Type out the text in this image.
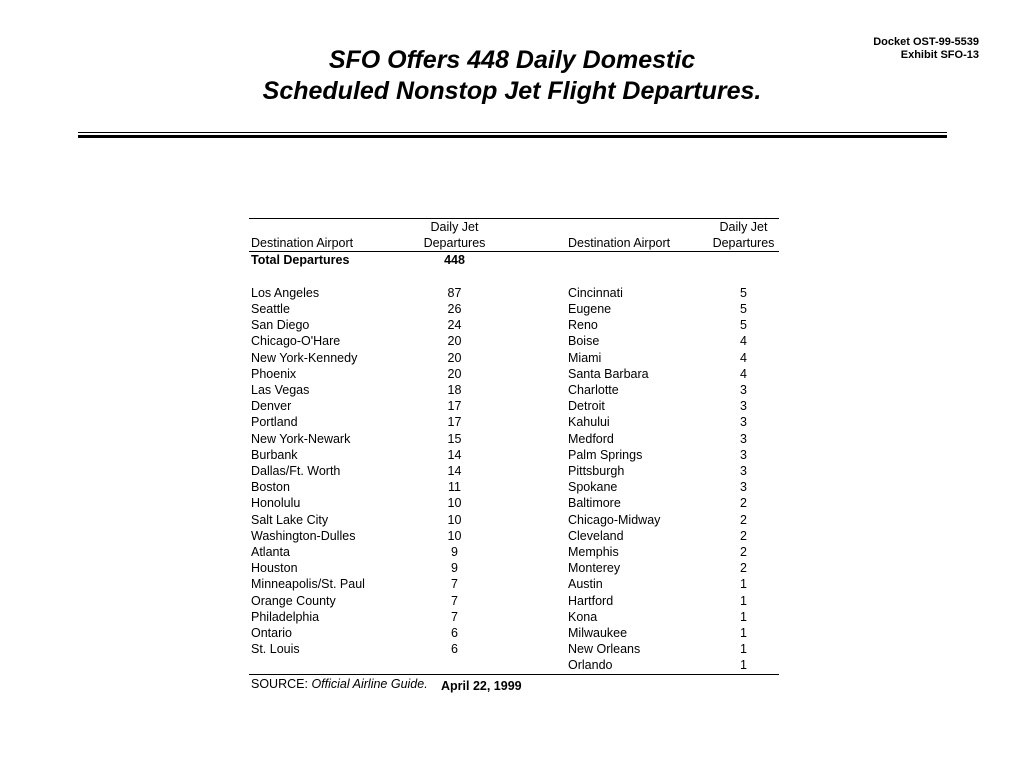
Docket OST-99-5539
Exhibit SFO-13
SFO Offers 448 Daily Domestic
Scheduled Nonstop Jet Flight Departures.
	Daily Jet			Daily Jet
Destination Airport	Departures		Destination Airport	Departures
Total Departures	448			

Los Angeles	87		Cincinnati	5
Seattle	26		Eugene	5
San Diego	24		Reno	5
Chicago-O'Hare	20		Boise	4
New York-Kennedy	20		Miami	4
Phoenix	20		Santa Barbara	4
Las Vegas	18		Charlotte	3
Denver	17		Detroit	3
Portland	17		Kahului	3
New York-Newark	15		Medford	3
Burbank	14		Palm Springs	3
Dallas/Ft. Worth	14		Pittsburgh	3
Boston	11		Spokane	3
Honolulu	10		Baltimore	2
Salt Lake City	10		Chicago-Midway	2
Washington-Dulles	10		Cleveland	2
Atlanta	9		Memphis	2
Houston	9		Monterey	2
Minneapolis/St. Paul	7		Austin	1
Orange County	7		Hartford	1
Philadelphia	7		Kona	1
Ontario	6		Milwaukee	1
St. Louis	6		New Orleans	1
			Orlando	1
SOURCE: Official Airline Guide. April 22, 1999
